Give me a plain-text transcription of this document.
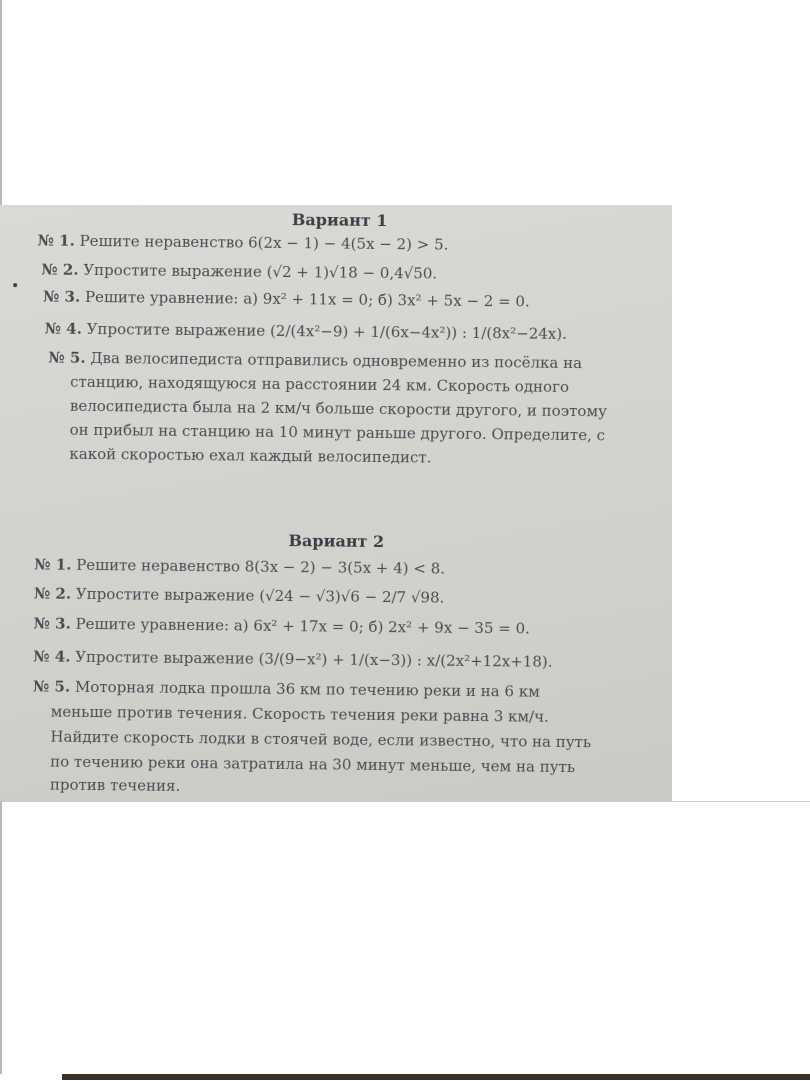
Вариант 1
№ 1. Решите неравенство 6(2x − 1) − 4(5x − 2) > 5.
№ 2. Упростите выражение (√2 + 1)√18 − 0,4√50.
№ 3. Решите уравнение: а) 9x² + 11x = 0; б) 3x² + 5x − 2 = 0.
№ 4. Упростите выражение (2/(4x²−9) + 1/(6x−4x²)) : 1/(8x²−24x).
№ 5. Два велосипедиста отправились одновременно из посёлка на
станцию, находящуюся на расстоянии 24 км. Скорость одного
велосипедиста была на 2 км/ч больше скорости другого, и поэтому
он прибыл на станцию на 10 минут раньше другого. Определите, с
какой скоростью ехал каждый велосипедист.
Вариант 2
№ 1. Решите неравенство 8(3x − 2) − 3(5x + 4) < 8.
№ 2. Упростите выражение (√24 − √3)√6 − 2/7 √98.
№ 3. Решите уравнение: а) 6x² + 17x = 0; б) 2x² + 9x − 35 = 0.
№ 4. Упростите выражение (3/(9−x²) + 1/(x−3)) : x/(2x²+12x+18).
№ 5. Моторная лодка прошла 36 км по течению реки и на 6 км
меньше против течения. Скорость течения реки равна 3 км/ч.
Найдите скорость лодки в стоячей воде, если известно, что на путь
по течению реки она затратила на 30 минут меньше, чем на путь
против течения.
